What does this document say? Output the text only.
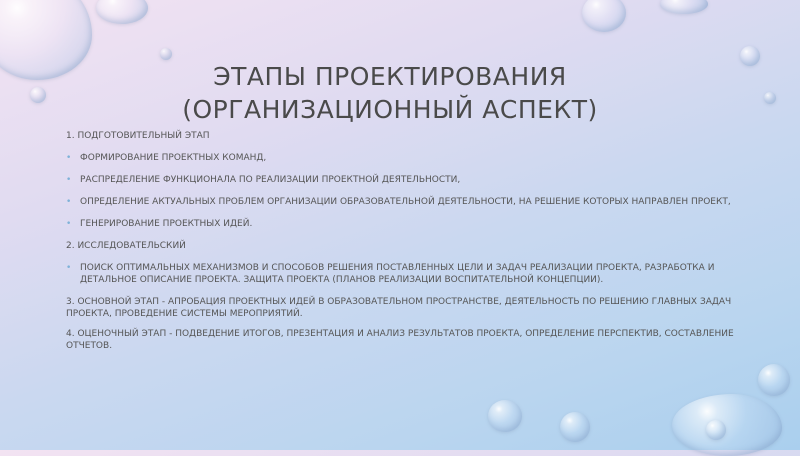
ЭТАПЫ ПРОЕКТИРОВАНИЯ
(ОРГАНИЗАЦИОННЫЙ АСПЕКТ)
1. ПОДГОТОВИТЕЛЬНЫЙ ЭТАП
• ФОРМИРОВАНИЕ ПРОЕКТНЫХ КОМАНД,
• РАСПРЕДЕЛЕНИЕ ФУНКЦИОНАЛА ПО РЕАЛИЗАЦИИ ПРОЕКТНОЙ ДЕЯТЕЛЬНОСТИ,
• ОПРЕДЕЛЕНИЕ АКТУАЛЬНЫХ ПРОБЛЕМ ОРГАНИЗАЦИИ ОБРАЗОВАТЕЛЬНОЙ ДЕЯТЕЛЬНОСТИ, НА РЕШЕНИЕ КОТОРЫХ НАПРАВЛЕН ПРОЕКТ,
• ГЕНЕРИРОВАНИЕ ПРОЕКТНЫХ ИДЕЙ.
2. ИССЛЕДОВАТЕЛЬСКИЙ
• ПОИСК ОПТИМАЛЬНЫХ МЕХАНИЗМОВ И СПОСОБОВ РЕШЕНИЯ ПОСТАВЛЕННЫХ ЦЕЛИ И ЗАДАЧ РЕАЛИЗАЦИИ ПРОЕКТА, РАЗРАБОТКА И ДЕТАЛЬНОЕ ОПИСАНИЕ ПРОЕКТА. ЗАЩИТА ПРОЕКТА (ПЛАНОВ РЕАЛИЗАЦИИ ВОСПИТАТЕЛЬНОЙ КОНЦЕПЦИИ).
3. ОСНОВНОЙ ЭТАП - АПРОБАЦИЯ ПРОЕКТНЫХ ИДЕЙ В ОБРАЗОВАТЕЛЬНОМ ПРОСТРАНСТВЕ, ДЕЯТЕЛЬНОСТЬ ПО РЕШЕНИЮ ГЛАВНЫХ ЗАДАЧ ПРОЕКТА, ПРОВЕДЕНИЕ СИСТЕМЫ МЕРОПРИЯТИЙ.
4. ОЦЕНОЧНЫЙ ЭТАП - ПОДВЕДЕНИЕ ИТОГОВ, ПРЕЗЕНТАЦИЯ И АНАЛИЗ РЕЗУЛЬТАТОВ ПРОЕКТА, ОПРЕДЕЛЕНИЕ ПЕРСПЕКТИВ, СОСТАВЛЕНИЕ ОТЧЕТОВ.
